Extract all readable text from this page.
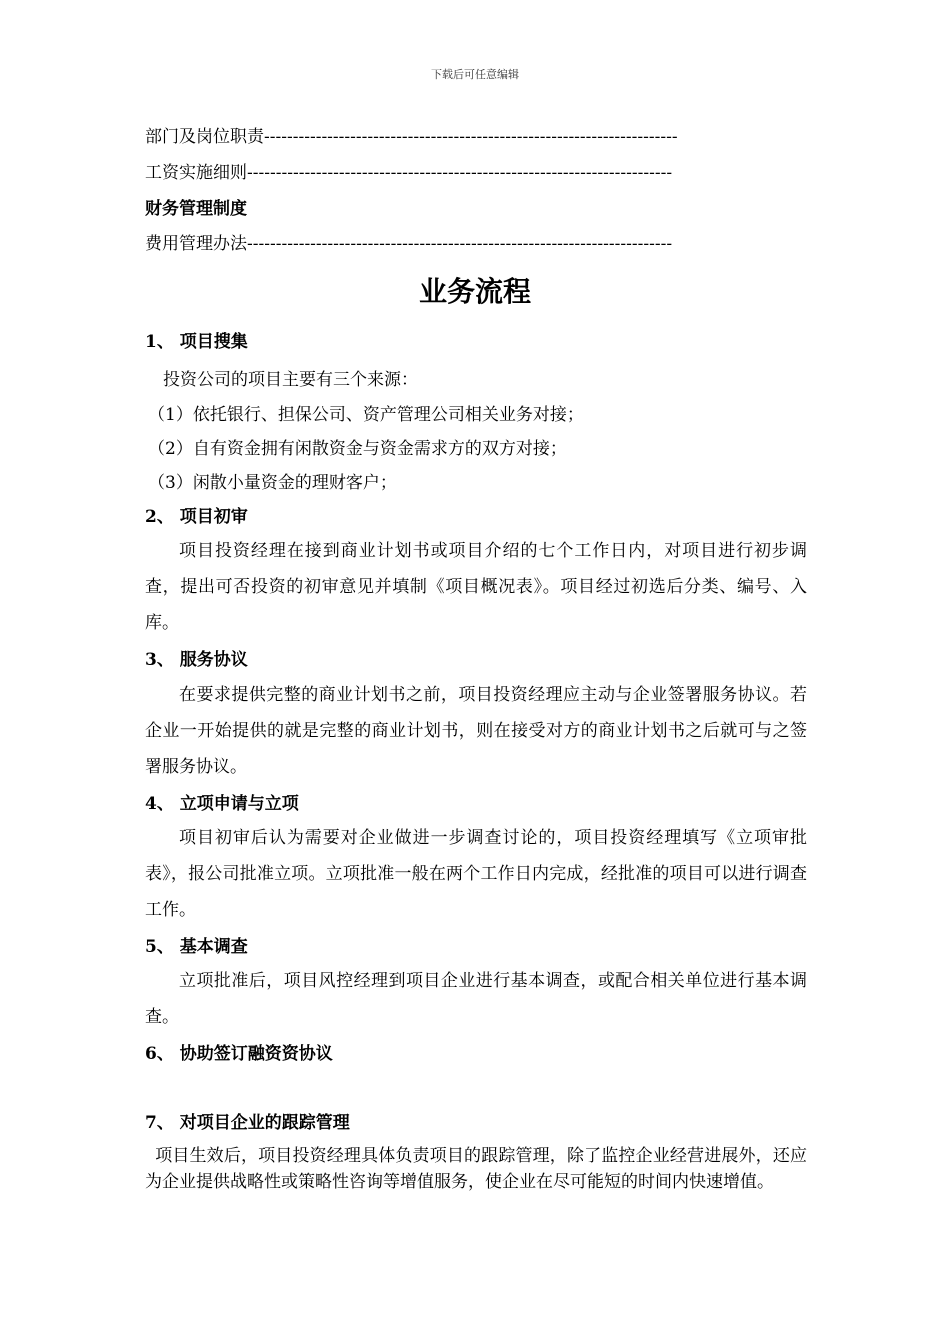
下载后可任意编辑
部门及岗位职责------------------------------------------------------------------------
工资实施细则--------------------------------------------------------------------------
财务管理制度
费用管理办法--------------------------------------------------------------------------
业务流程
1、 项目搜集
投资公司的项目主要有三个来源：
（1）依托银行、担保公司、资产管理公司相关业务对接；
（2）自有资金拥有闲散资金与资金需求方的双方对接；
（3）闲散小量资金的理财客户；
2、 项目初审
项目投资经理在接到商业计划书或项目介绍的七个工作日内，对项目进行初步调查，提出可否投资的初审意见并填制《项目概况表》。项目经过初选后分类、编号、入库。
3、 服务协议
在要求提供完整的商业计划书之前，项目投资经理应主动与企业签署服务协议。若企业一开始提供的就是完整的商业计划书，则在接受对方的商业计划书之后就可与之签署服务协议。
4、 立项申请与立项
项目初审后认为需要对企业做进一步调查讨论的，项目投资经理填写《立项审批表》，报公司批准立项。立项批准一般在两个工作日内完成，经批准的项目可以进行调查工作。
5、 基本调查
立项批准后，项目风控经理到项目企业进行基本调查，或配合相关单位进行基本调查。
6、 协助签订融资资协议
7、 对项目企业的跟踪管理
项目生效后，项目投资经理具体负责项目的跟踪管理，除了监控企业经营进展外，还应为企业提供战略性或策略性咨询等增值服务，使企业在尽可能短的时间内快速增值。
